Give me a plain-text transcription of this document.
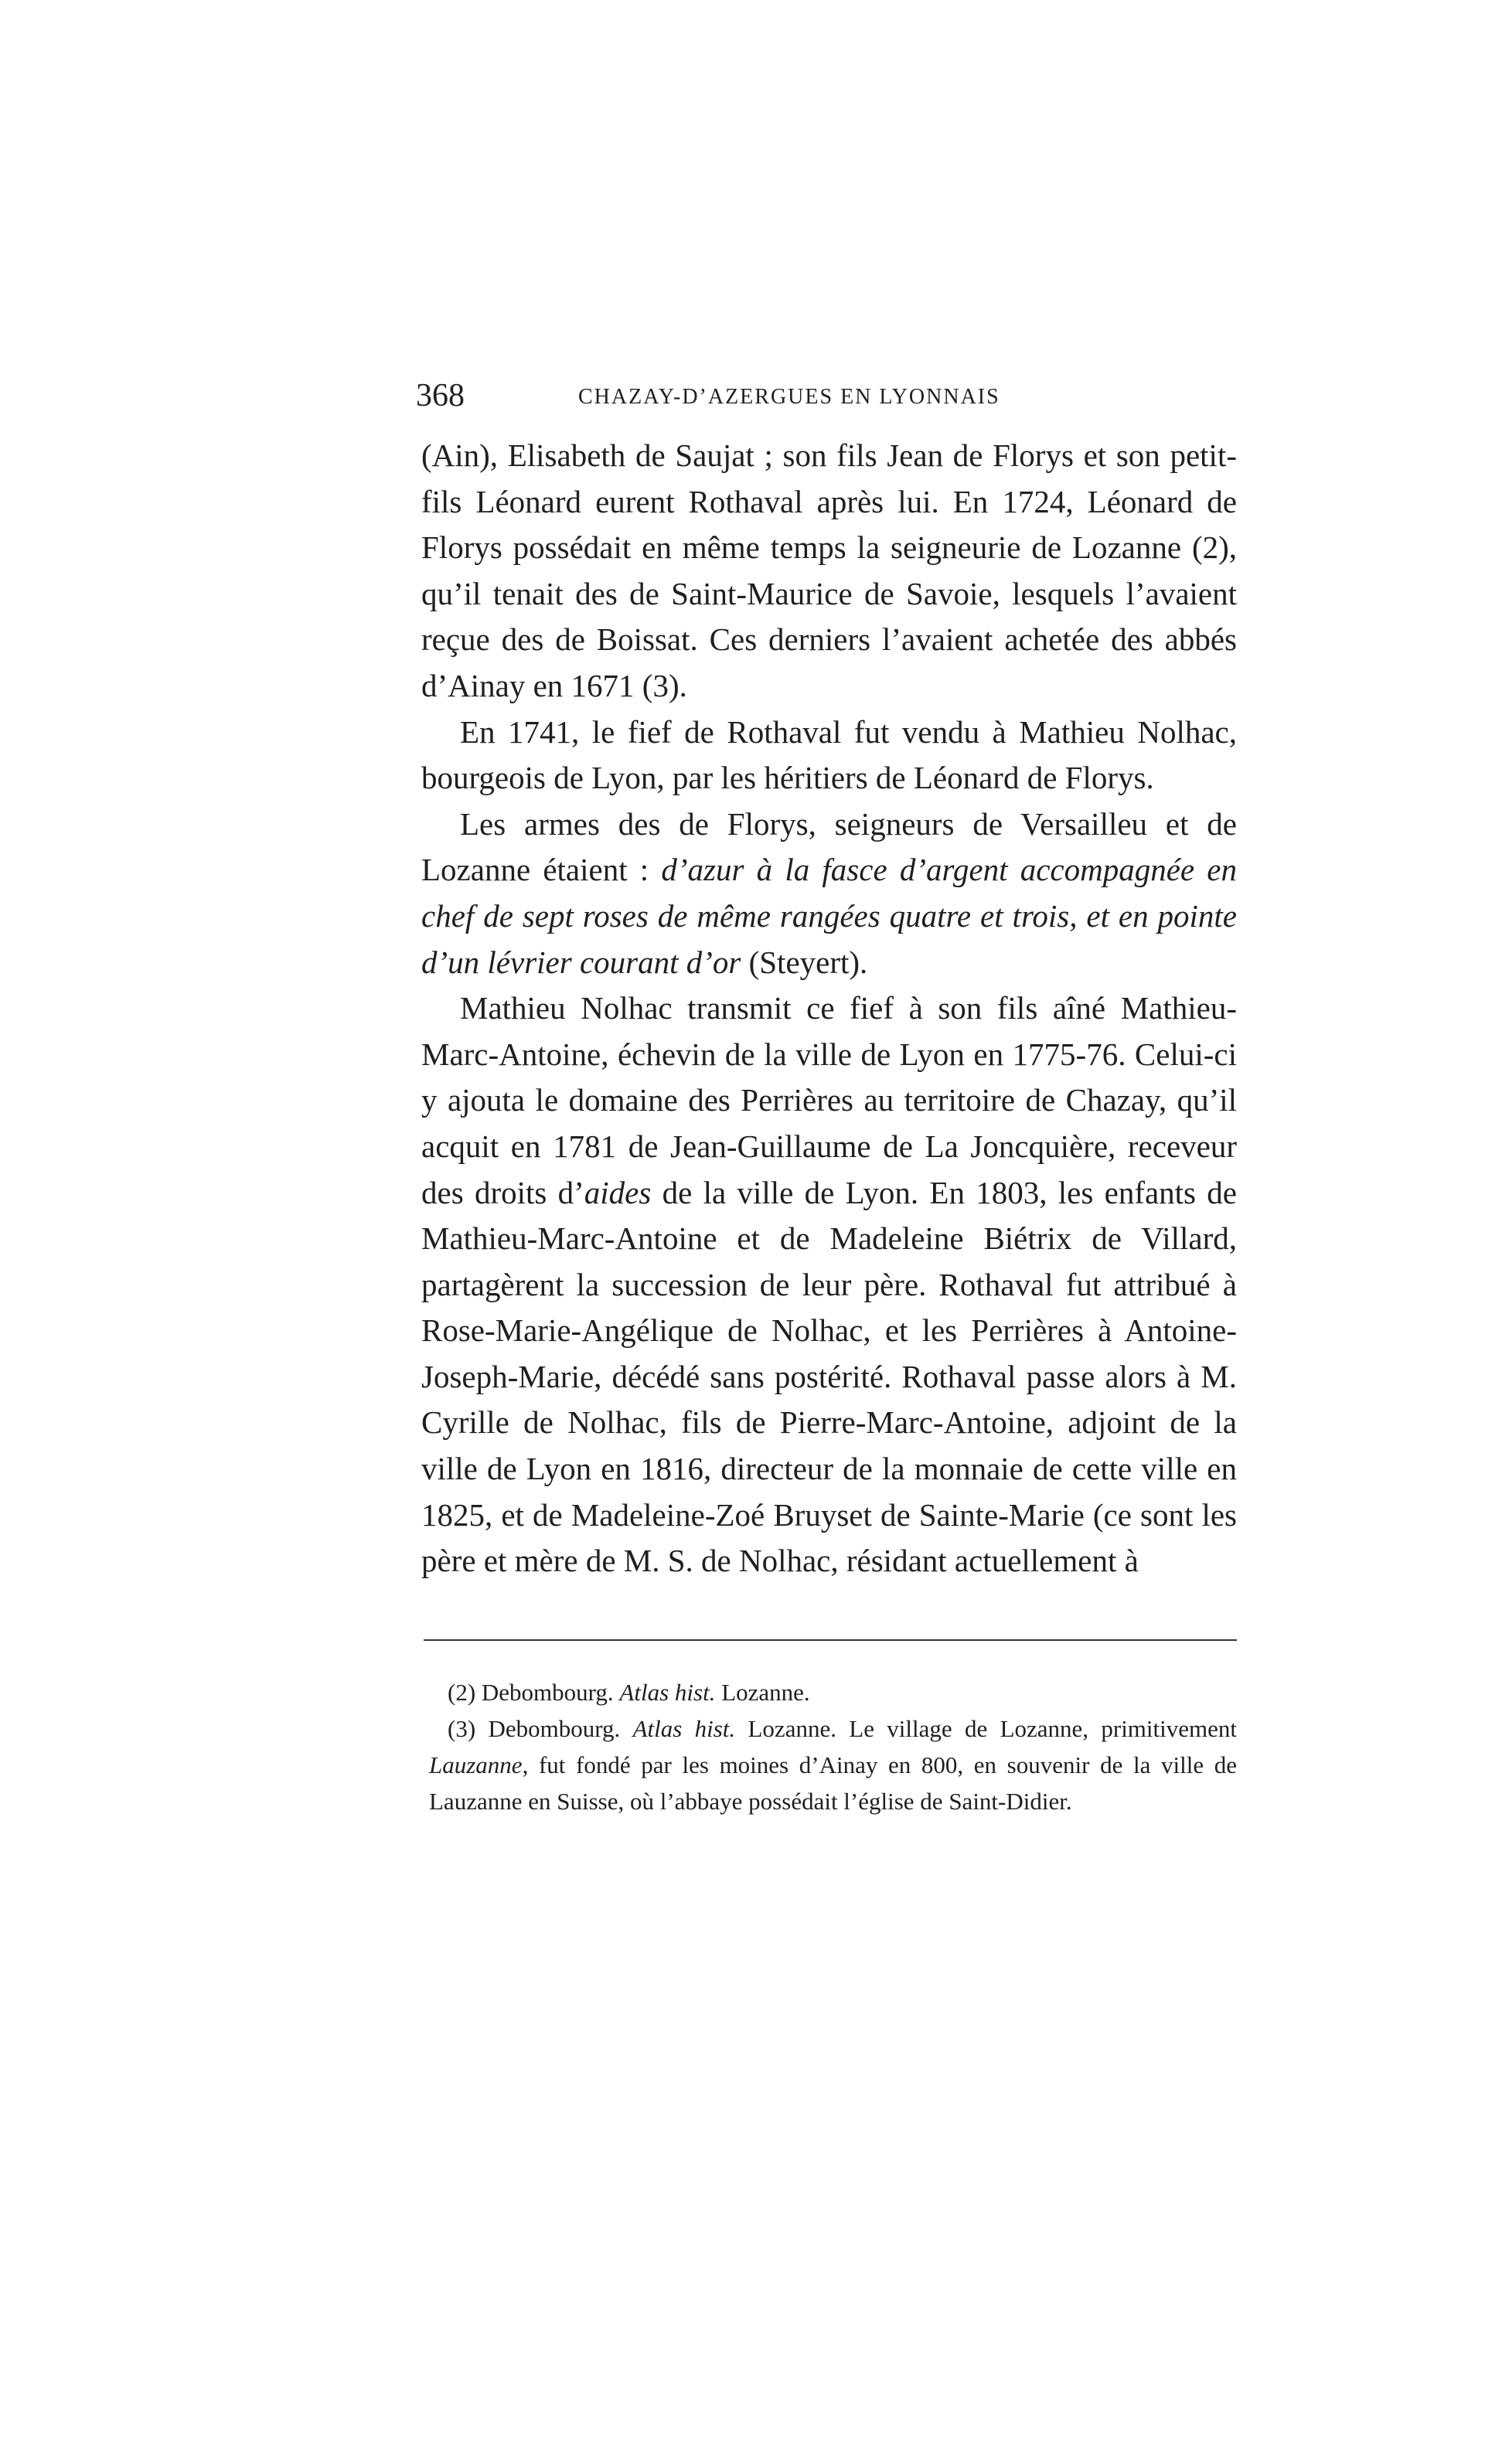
368	CHAZAY-D’AZERGUES EN LYONNAIS

(Ain), Elisabeth de Saujat ; son fils Jean de Florys et son petit-fils Léonard eurent Rothaval après lui. En 1724, Léonard de Florys possédait en même temps la seigneurie de Lozanne (2), qu’il tenait des de Saint-Maurice de Savoie, lesquels l’avaient reçue des de Boissat. Ces derniers l’avaient achetée des abbés d’Ainay en 1671 (3).

En 1741, le fief de Rothaval fut vendu à Mathieu Nolhac, bourgeois de Lyon, par les héritiers de Léonard de Florys.

Les armes des de Florys, seigneurs de Versailleu et de Lozanne étaient : d’azur à la fasce d’argent accompagnée en chef de sept roses de même rangées quatre et trois, et en pointe d’un lévrier courant d’or (Steyert).

Mathieu Nolhac transmit ce fief à son fils aîné Mathieu-Marc-Antoine, échevin de la ville de Lyon en 1775-76. Celui-ci y ajouta le domaine des Perrières au territoire de Chazay, qu’il acquit en 1781 de Jean-Guillaume de La Joncquière, receveur des droits d’aides de la ville de Lyon. En 1803, les enfants de Mathieu-Marc-Antoine et de Madeleine Biétrix de Villard, partagèrent la succession de leur père. Rothaval fut attribué à Rose-Marie-Angélique de Nolhac, et les Perrières à Antoine-Joseph-Marie, décédé sans postérité. Rothaval passe alors à M. Cyrille de Nolhac, fils de Pierre-Marc-Antoine, adjoint de la ville de Lyon en 1816, directeur de la monnaie de cette ville en 1825, et de Madeleine-Zoé Bruyset de Sainte-Marie (ce sont les père et mère de M. S. de Nolhac, résidant actuellement à

(2) Debombourg. Atlas hist. Lozanne.

(3) Debombourg. Atlas hist. Lozanne. Le village de Lozanne, primitivement Lauzanne, fut fondé par les moines d’Ainay en 800, en souvenir de la ville de Lauzanne en Suisse, où l’abbaye possédait l’église de Saint-Didier.
